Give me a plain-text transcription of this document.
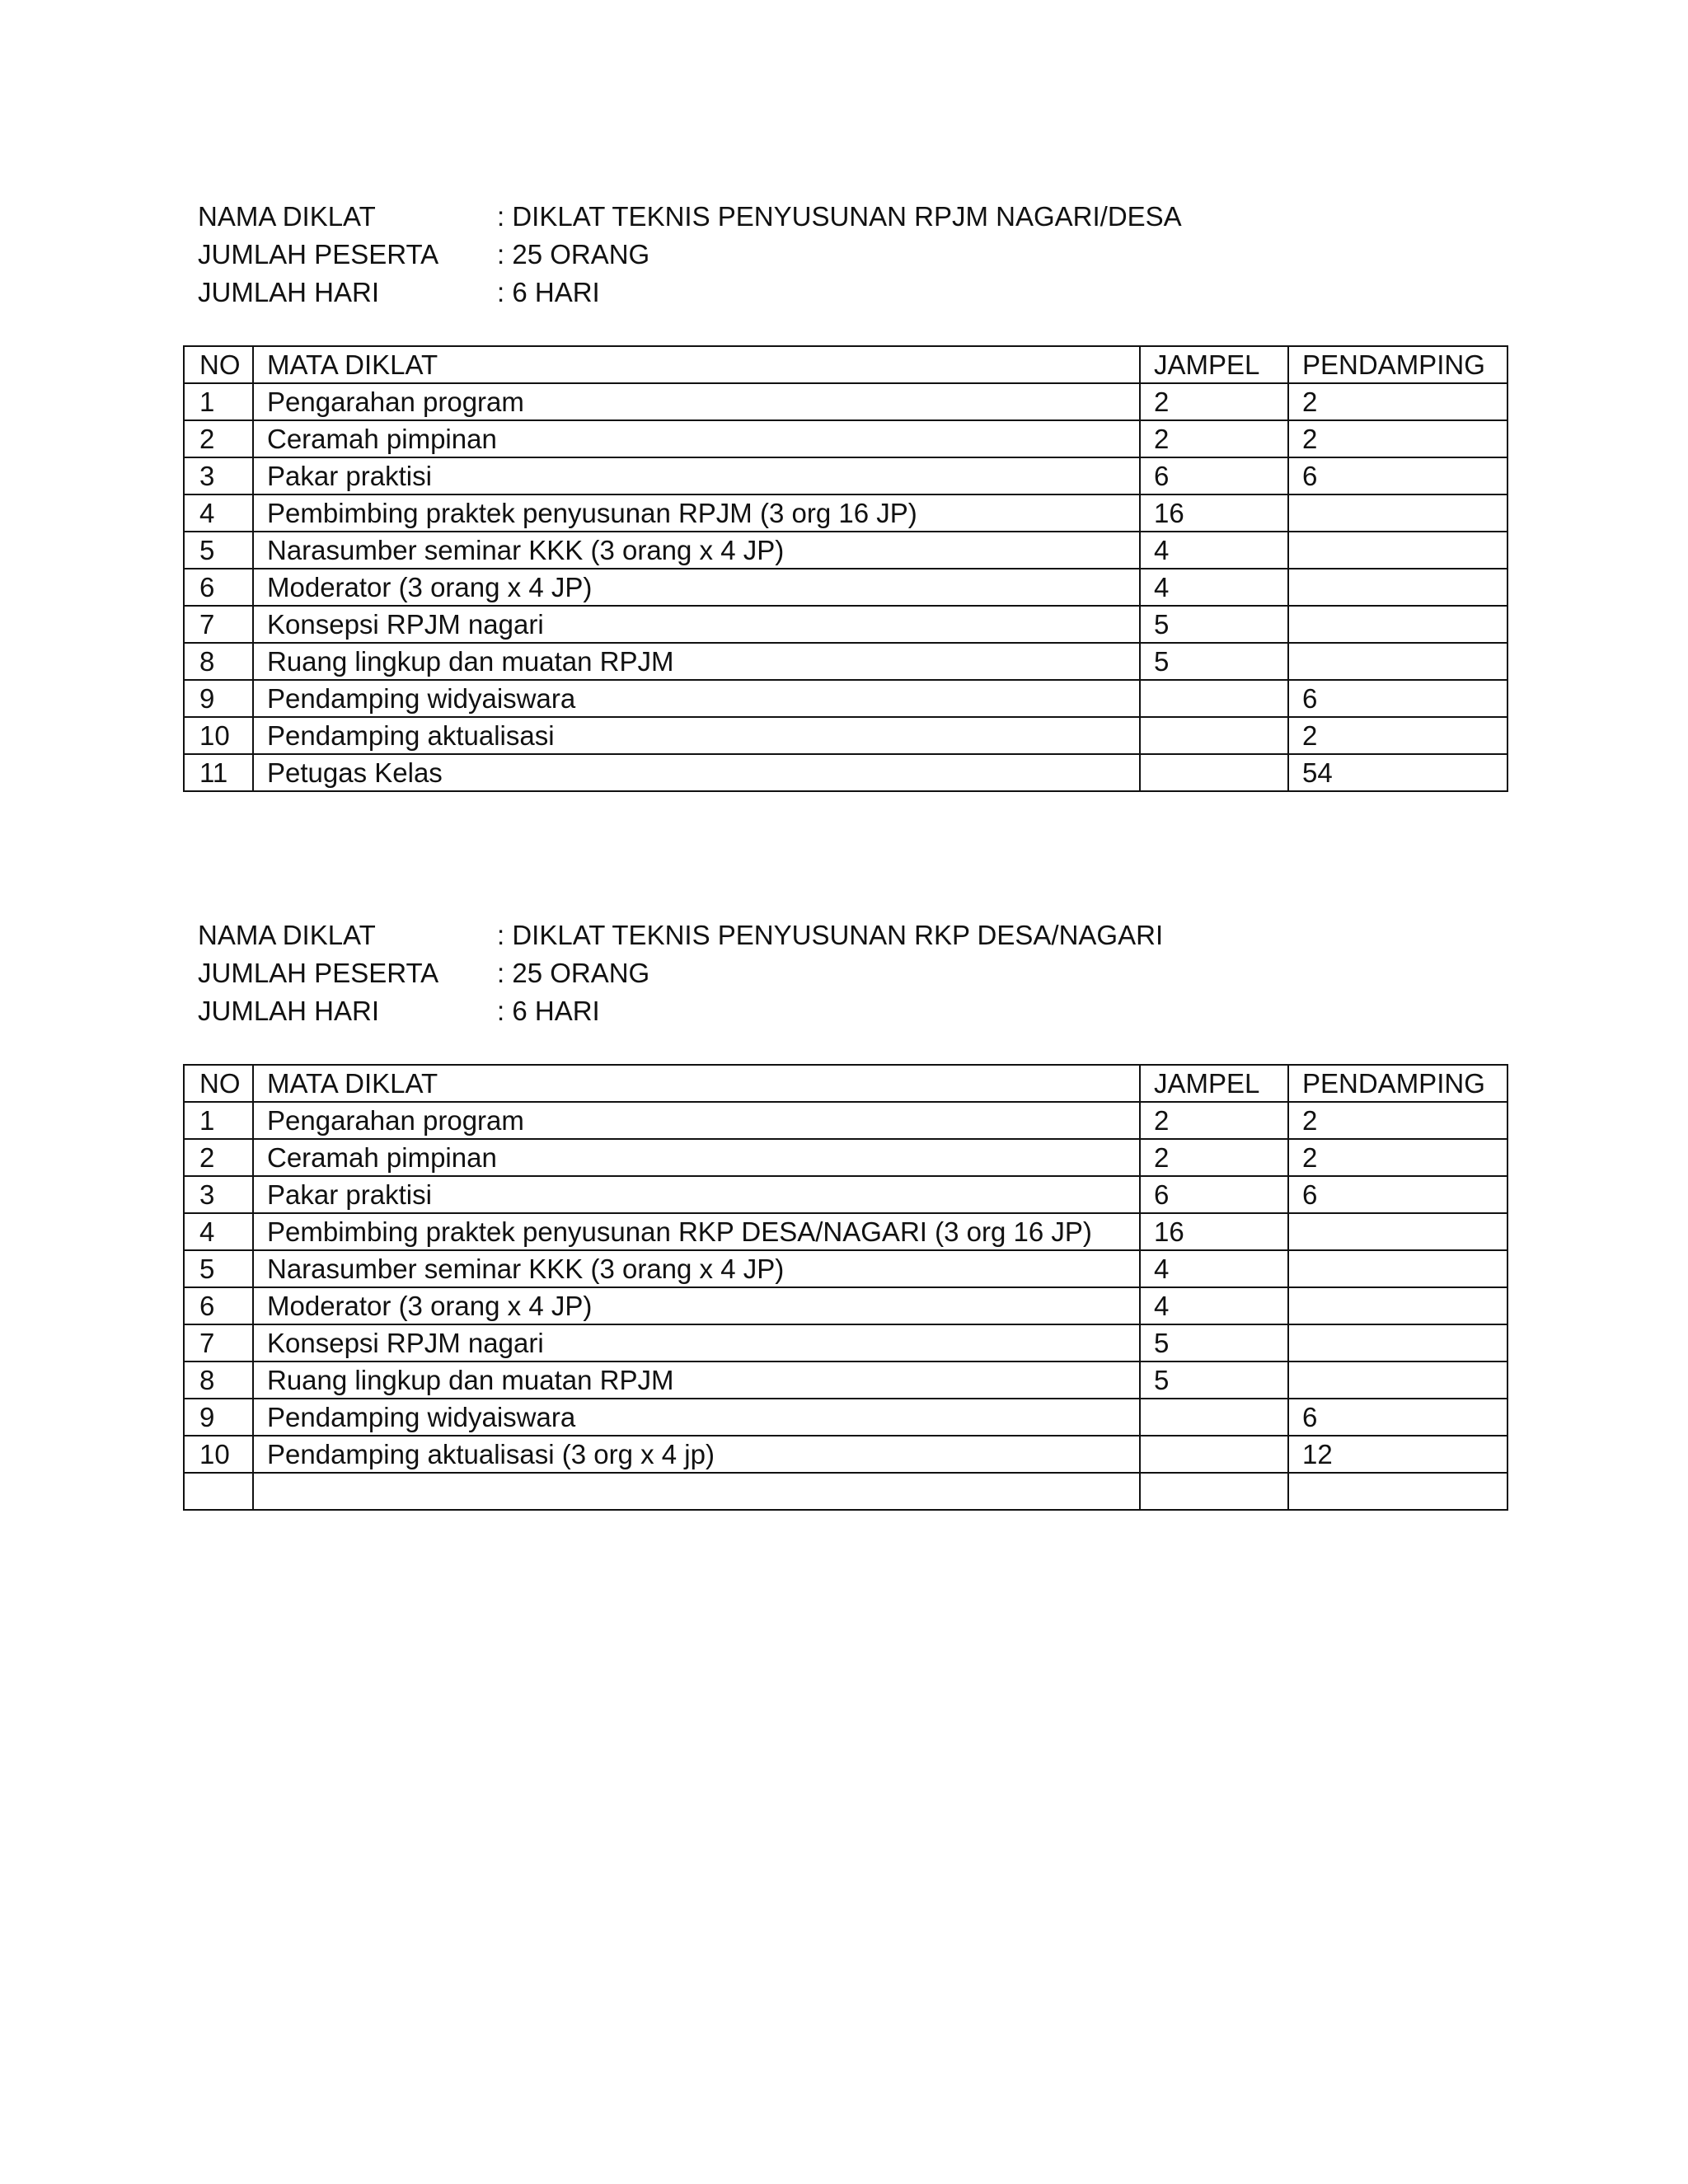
NAMA DIKLAT	: DIKLAT TEKNIS PENYUSUNAN RPJM NAGARI/DESA
JUMLAH PESERTA : 25 ORANG
JUMLAH HARI	: 6 HARI
NO	MATA DIKLAT	JAMPEL	PENDAMPING
1	Pengarahan program	2	2
2	Ceramah pimpinan	2	2
3	Pakar praktisi	6	6
4	Pembimbing praktek penyusunan RPJM (3 org 16 JP)	16	
5	Narasumber seminar KKK (3 orang x 4 JP)	4	
6	Moderator (3 orang x 4 JP)	4	
7	Konsepsi RPJM nagari	5	
8	Ruang lingkup dan muatan RPJM	5	
9	Pendamping widyaiswara		6
10	Pendamping aktualisasi		2
11	Petugas Kelas		54
NAMA DIKLAT	: DIKLAT TEKNIS PENYUSUNAN RKP DESA/NAGARI
JUMLAH PESERTA : 25 ORANG
JUMLAH HARI	: 6 HARI
NO	MATA DIKLAT	JAMPEL	PENDAMPING
1	Pengarahan program	2	2
2	Ceramah pimpinan	2	2
3	Pakar praktisi	6	6
4	Pembimbing praktek penyusunan RKP DESA/NAGARI (3 org 16 JP)	16	
5	Narasumber seminar KKK (3 orang x 4 JP)	4	
6	Moderator (3 orang x 4 JP)	4	
7	Konsepsi RPJM nagari	5	
8	Ruang lingkup dan muatan RPJM	5	
9	Pendamping widyaiswara		6
10	Pendamping aktualisasi (3 org x 4 jp)		12
